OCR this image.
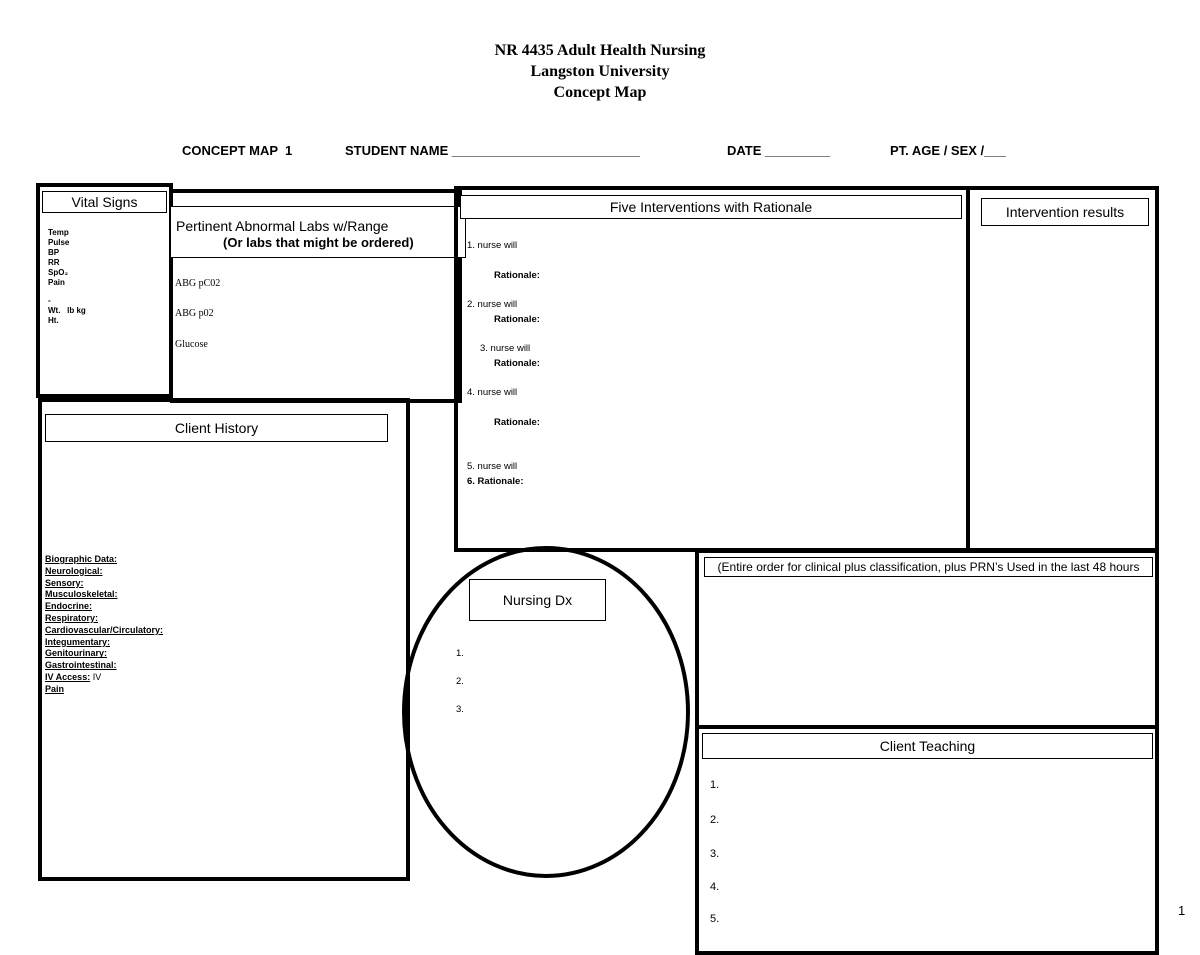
NR 4435 Adult Health Nursing
Langston University
Concept Map
CONCEPT MAP  1	STUDENT NAME __________________________	DATE _________	PT. AGE / SEX /___
Vital Signs
Temp
Pulse
BP
RR
SpO₂
Pain
-
Wt.   lb kg
Ht.
Pertinent Abnormal Labs w/Range
(Or labs that might be ordered)
ABG pC02
ABG p02
Glucose
Five Interventions with Rationale
1. nurse will
Rationale:
2. nurse will
Rationale:
3. nurse will
Rationale:
4. nurse will
Rationale:
5. nurse will
6. Rationale:
Intervention results
Client History
Biographic Data:
Neurological:
Sensory:
Musculoskeletal:
Endocrine:
Respiratory:
Cardiovascular/Circulatory:
Integumentary:
Genitourinary:
Gastrointestinal:
IV Access: IV
Pain
Nursing Dx
1.
2.
3.
(Entire order for clinical plus classification, plus PRN’s Used in the last 48 hours
Client Teaching
1.
2.
3.
4.
5.
1
